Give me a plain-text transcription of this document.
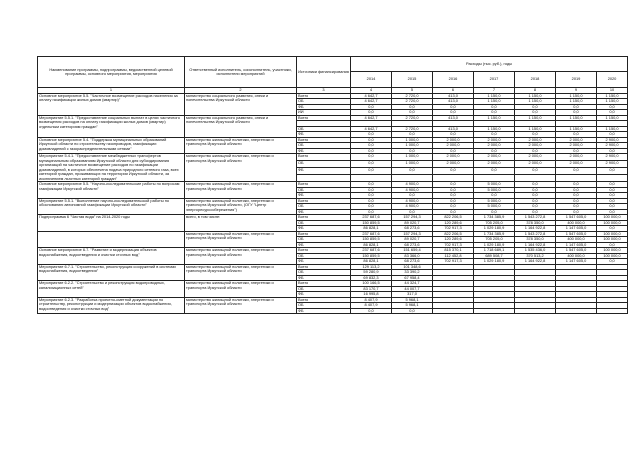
Наименование программы, подпрограммы, ведомственной целевой программы, основного мероприятия, мероприятия	Ответственный исполнитель, соисполнитель, участники, исполнители мероприятий	Источники финансирования	Расходы (тыс. руб.), годы						
			2014	2015	2016	2017	2018	2019	2020
1	2	3	4	5	6	7	8	9	10
Основное мероприятие 5.5. "Частичное возмещение расходов населения за оплату газификации жилых домов (квартир)"	министерство социального развития, опеки и попечительства Иркутской области	Всего	4 642,7	2 720,0	413,0	1 150,0	1 150,0	1 150,0	1 150,0
		ОБ	4 642,7	2 720,0	413,0	1 150,0	1 150,0	1 150,0	1 150,0
		ФБ	0,0	0,0	0,0	0,0	0,0	0,0	0,0
		ИИ	0,0	0,0	0,0	0,0	0,0	0,0	0,0
Мероприятие 5.5.1. "Предоставление социальных выплат в целях частичного возмещения расходов на оплату газификации жилых домов (квартир) отдельным категориям граждан"	министерство социального развития, опеки и попечительства Иркутской области	Всего	4 642,7	2 720,0	413,0	1 150,0	1 150,0	1 150,0	1 150,0

		ОБ	4 642,7	2 720,0	413,0	1 150,0	1 150,0	1 150,0	1 150,0
		ФБ	0,0	0,0	0,0	0,0	0,0	0,0	0,0
Основное мероприятие 5.4. "Поддержка муниципальных образований Иркутской области по строительству газопроводов, газификации домовладений с газораспределительными сетями"	министерство жилищной политики, энергетики и транспорта Иркутской области	Всего	0,0	1 000,0	2 000,0	2 000,0	2 000,0	2 000,0	2 900,0
		ОБ	0,0	1 000,0	2 000,0	2 000,0	2 000,0	2 000,0	2 900,0
		ФБ	0,0	0,0	0,0	0,0	0,0	0,0	0,0
Мероприятие 5.4.1. "Предоставление межбюджетных трансфертов муниципальным образованиям Иркутской области для субсидирования организаций на частичное возмещение расходов по газификации домовладений, в которых обеспечена подача природного сетевого газа, всех категорий граждан, проживающих на территории Иркутской области, за исключением льготных категорий граждан"	министерство жилищной политики, энергетики и транспорта Иркутской области	Всего	0,0	1 000,0	2 000,0	2 000,0	2 000,0	2 000,0	2 900,0
		ОБ	0,0	1 000,0	2 000,0	2 000,0	2 000,0	2 000,0	2 900,0
		ФБ	0,0	0,0	0,0	0,0	0,0	0,0	0,0

Основное мероприятие 5.5. "Научно-исследовательские работы по вопросам газификации Иркутской области"	министерство жилищной политики, энергетики и транспорта Иркутской области	Всего	0,0	4 900,0	0,0	5 000,0	0,0	0,0	0,0
		ОБ	0,0	4 900,0	0,0	5 000,0	0,0	0,0	0,0
		ФБ	0,0	0,0	0,0	0,0	0,0	0,0	0,0
Мероприятие 5.5.1. "Выполнение научно-исследовательской работы по обоснованию автономной газификации Иркутской области"	министерство жилищной политики, энергетики и транспорта Иркутской области, (ОГУ "Центр энергоресурсосбережения")	Всего	0,0	4 900,0	0,0	5 000,0	0,0	0,0	0,0
		ОБ	0,0	4 900,0	0,0	5 000,0	0,0	0,0	0,0
		ФБ	0,0	0,0	0,0	0,0	0,0	0,0	0,0
Подпрограмма 6 "Чистая вода" на 2014-2020 годы	всего, в том числе:	Всего	237 687,6	157 294,3	822 206,5	1 734 385,9	1 543 272,8	1 547 605,0	100 000,0
		ОБ	150 859,5	89 020,7	120 289,6	705 205,0	378 350,0	400 000,0	100 000,0
		ФБ	86 828,1	68 273,6	702 917,3	1 029 180,9	1 164 922,8	1 147 605,0	0,0
	министерство жилищной политики, энергетики и транспорта Иркутской области	Всего	237 687,6	157 294,3	822 206,5	1 734 385,9	1 543 272,8	1 547 605,0	100 000,0
		ОБ	150 859,5	89 020,7	120 289,6	705 205,0	378 350,0	400 000,0	100 000,0
		ФБ	86 828,1	68 273,6	702 917,3	1 029 180,9	1 164 922,8	1 147 605,0	0,0
Основное мероприятие 6.7. "Развитие и модернизация объектов водоснабжения, водоотведения и очистки сточных вод"	министерство жилищной политики, энергетики и транспорта Иркутской области	Всего	237 687,6	151 659,4	815 370,1	1 718 689,1	1 535 436,0	1 547 605,0	100 000,0
		ОБ	150 859,5	83 366,0	112 452,8	689 508,7	370 513,2	400 000,0	100 000,0
		ФБ	86 828,1	68 273,6	702 917,3	1 029 180,9	1 164 922,8	1 147 605,0	0,0
Мероприятие 6.7.1. "Строительство, реконструкция сооружений в системах водоснабжения, водоотведения"	министерство жилищной политики, энергетики и транспорта Иркутской области	Всего	129 113,2	101 348,6					
		ОБ	59 280,9	33 390,2					
		ФБ	69 832,3	67 958,4					
Мероприятие 6.2.2. "Строительство и реконструкция водопроводных, канализационных сетей"	министерство жилищной политики, энергетики и транспорта Иркутской области	Всего	100 166,5	44 324,7					
		ОБ	83 170,7	44 007,7					
		ФБ	16 995,8	317,0					
Мероприятие 6.2.3. "Разработка проектно-сметной документации по строительству, реконструкции и модернизации объектов водоснабжения, водоотведения и очистки сточных вод"	министерство жилищной политики, энергетики и транспорта Иркутской области	Всего	8 407,9	5 968,1					
		ОБ	8 407,9	5 968,1					
		ФБ	0,0	0,0					
